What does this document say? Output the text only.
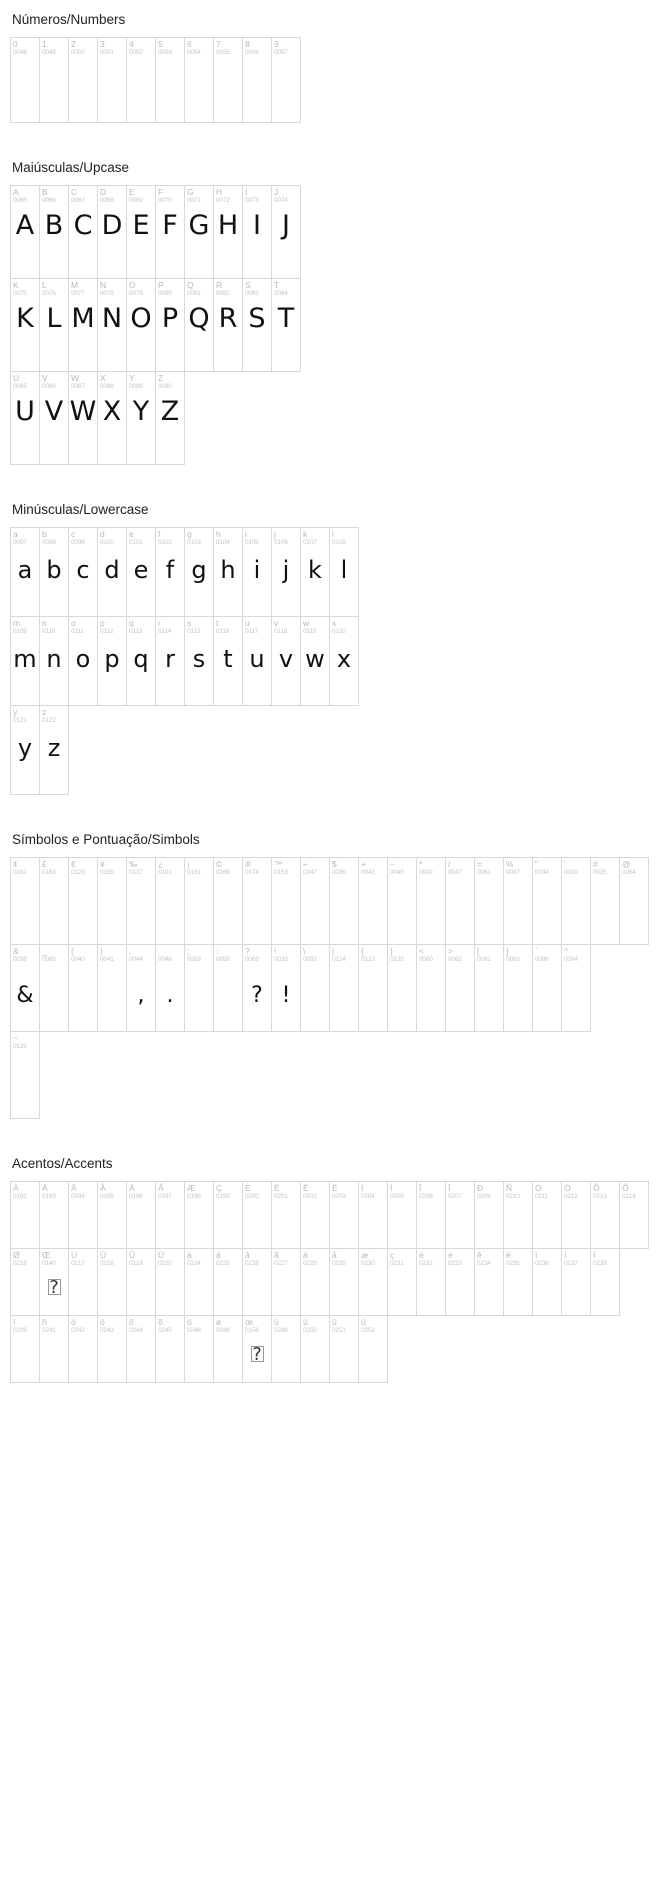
Números/Numbers
0
0048
1
0049
2
0050
3
0051
4
0052
5
0053
6
0054
7
0055
8
0056
9
0057
Maiúsculas/Upcase
A
0065
A
B
0066
B
C
0067
C
D
0068
D
E
0069
E
F
0070
F
G
0071
G
H
0072
H
I
0073
I
J
0074
J
K
0075
K
L
0076
L
M
0077
M
N
0078
N
O
0079
O
P
0080
P
Q
0081
Q
R
0082
R
S
0083
S
T
0084
T
U
0085
U
V
0086
V
W
0087
W
X
0088
X
Y
0089
Y
Z
0090
Z
Minúsculas/Lowercase
a
0097
a
b
0098
b
c
0099
c
d
0100
d
e
0101
e
f
0102
f
g
0103
g
h
0104
h
i
0105
i
j
0106
j
k
0107
k
l
0108
l
m
0109
m
n
0110
n
o
0111
o
p
0112
p
q
0113
q
r
0114
r
s
0115
s
t
0116
t
u
0117
u
v
0118
v
w
0119
w
x
0120
x
y
0121
y
z
0122
z
Símbolos e Pontuação/Simbols
¢
0162
£
0163
€
0128
¥
0165
‰
0137
¿
0191
¡
0161
©
0169
®
0174
™
0153
÷
0247
$
0036
+
0043
−
0045
*
0042
/
0047
=
0061
%
0037
"
0034
'
0039
#
0035
@
0064
&
0038
&
_
0095
(
0040
)
0041
,
0044
,
.
0046
.
;
0059
:
0058
?
0063
?
!
0033
!
\
0092
|
0124
{
0123
}
0125
<
0060
>
0062
[
0091
]
0093
`
0096
^
0094
~
0126
Acentos/Accents
À
0192
Á
0193
Â
0194
Ã
0195
Ä
0196
Å
0197
Æ
0198
Ç
0199
È
0200
É
0201
Ê
0202
Ë
0203
Ì
0204
Í
0205
Î
0206
Ï
0207
Ð
0209
Ñ
0210
Ò
0211
Ó
0212
Ô
0213
Õ
0214
Ø
0216
Œ
0140
?
Ù
0217
Ú
0218
Û
0219
Ü
0220
à
0224
á
0225
â
0226
ã
0227
ä
0228
å
0229
æ
0230
ç
0231
è
0232
é
0233
ê
0234
ë
0235
ì
0236
í
0237
î
0238
ï
0239
ñ
0241
ò
0242
ó
0243
ô
0244
õ
0245
ö
0246
ø
0248
œ
0156
?
ù
0249
ú
0250
û
0251
ü
0252
